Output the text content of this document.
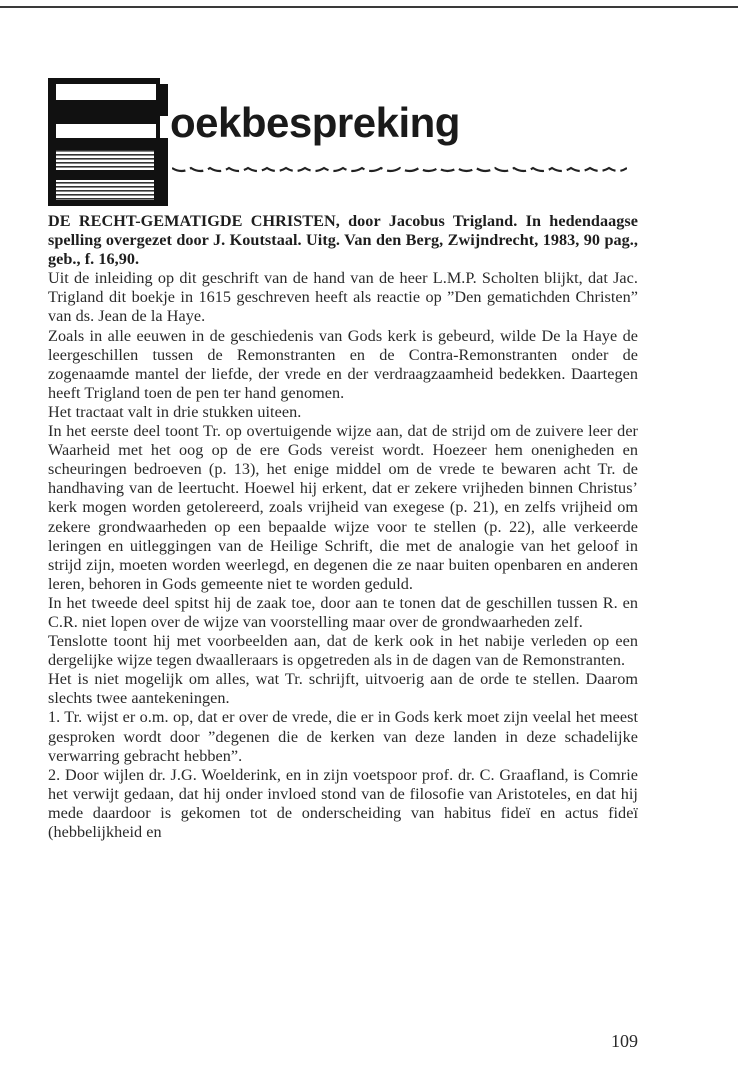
oekbespreking

DE RECHT-GEMATIGDE CHRISTEN, door Jacobus Trigland. In hedendaagse spelling overgezet door J. Koutstaal. Uitg. Van den Berg, Zwijndrecht, 1983, 90 pag., geb., f. 16,90.

Uit de inleiding op dit geschrift van de hand van de heer L.M.P. Scholten blijkt, dat Jac. Trigland dit boekje in 1615 geschreven heeft als reactie op ”Den gematichden Christen” van ds. Jean de la Haye.

Zoals in alle eeuwen in de geschiedenis van Gods kerk is gebeurd, wilde De la Haye de leergeschillen tussen de Remonstranten en de Contra-Remonstranten onder de zogenaamde mantel der liefde, der vrede en der verdraagzaamheid bedekken. Daartegen heeft Trigland toen de pen ter hand genomen.

Het tractaat valt in drie stukken uiteen.

In het eerste deel toont Tr. op overtuigende wijze aan, dat de strijd om de zuivere leer der Waarheid met het oog op de ere Gods vereist wordt. Hoezeer hem onenigheden en scheuringen bedroeven (p. 13), het enige middel om de vrede te bewaren acht Tr. de handhaving van de leertucht. Hoewel hij erkent, dat er zekere vrijheden binnen Christus’ kerk mogen worden getolereerd, zoals vrijheid van exegese (p. 21), en zelfs vrijheid om zekere grondwaarheden op een bepaalde wijze voor te stellen (p. 22), alle verkeerde leringen en uitleggingen van de Heilige Schrift, die met de analogie van het geloof in strijd zijn, moeten worden weerlegd, en degenen die ze naar buiten openbaren en anderen leren, behoren in Gods gemeente niet te worden geduld.

In het tweede deel spitst hij de zaak toe, door aan te tonen dat de geschillen tussen R. en C.R. niet lopen over de wijze van voorstelling maar over de grondwaarheden zelf.

Tenslotte toont hij met voorbeelden aan, dat de kerk ook in het nabije verleden op een dergelijke wijze tegen dwaalleraars is opgetreden als in de dagen van de Remonstranten.

Het is niet mogelijk om alles, wat Tr. schrijft, uitvoerig aan de orde te stellen. Daarom slechts twee aantekeningen.

1. Tr. wijst er o.m. op, dat er over de vrede, die er in Gods kerk moet zijn veelal het meest gesproken wordt door ”degenen die de kerken van deze landen in deze schadelijke verwarring gebracht hebben”.

2. Door wijlen dr. J.G. Woelderink, en in zijn voetspoor prof. dr. C. Graafland, is Comrie het verwijt gedaan, dat hij onder invloed stond van de filosofie van Aristoteles, en dat hij mede daardoor is gekomen tot de onderscheiding van habitus fideï en actus fideï (hebbelijkheid en

109
